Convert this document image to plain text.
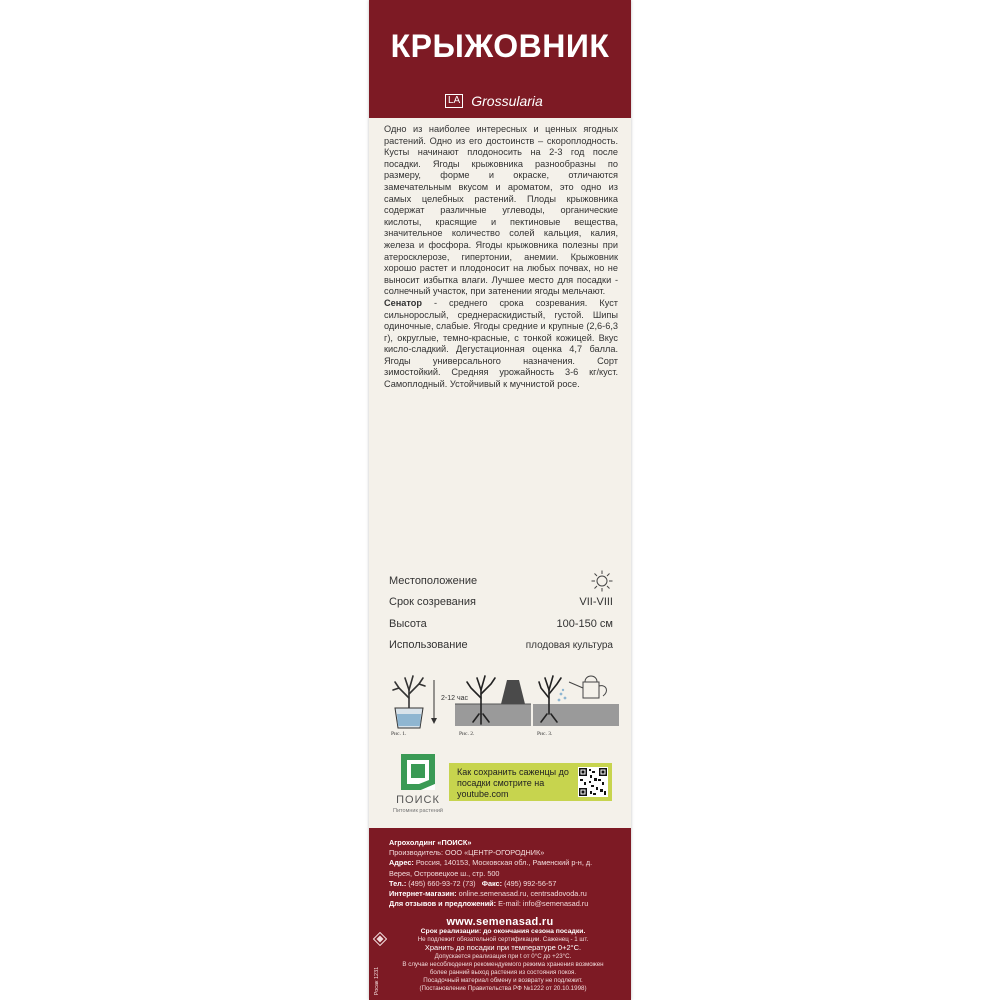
КРЫЖОВНИК
LA Grossularia

Одно из наиболее интересных и ценных ягодных растений. Одно из его достоинств – скороплодность. Кусты начинают плодоносить на 2-3 год после посадки. Ягоды крыжовника разнообразны по размеру, форме и окраске, отличаются замечательным вкусом и ароматом, это одно из самых целебных растений. Плоды крыжовника содержат различные углеводы, органические кислоты, красящие и пектиновые вещества, значительное количество солей кальция, калия, железа и фосфора. Ягоды крыжовника полезны при атеросклерозе, гипертонии, анемии. Крыжовник хорошо растет и плодоносит на любых почвах, но не выносит избытка влаги. Лучшее место для посадки - солнечный участок, при затенении ягоды мельчают.

Сенатор - среднего срока созревания. Куст сильнорослый, среднераскидистый, густой. Шипы одиночные, слабые. Ягоды средние и крупные (2,6-6,3 г), округлые, темно-красные, с тонкой кожицей. Вкус кисло-сладкий. Дегустационная оценка 4,7 балла. Ягоды универсального назначения. Сорт зимостойкий. Средняя урожайность 3-6 кг/куст. Самоплодный. Устойчивый к мучнистой росе.

Местоположение
Срок созревания	VII-VIII
Высота	100-150 см
Использование	плодовая культура
2-12 час
Рис. 1.	Рис. 2.	Рис. 3.
ПОИСК
Питомник растений
Как сохранить саженцы до посадки смотрите на youtube.com
Агрохолдинг «ПОИСК»
Производитель: ООО «ЦЕНТР-ОГОРОДНИК»
Адрес: Россия, 140153, Московская обл., Раменский р-н, д. Верея, Островецкое ш., стр. 500
Тел.: (495) 660-93-72 (73) Факс: (495) 992-56-57
Интернет-магазин: online.semenasad.ru, centrsadovoda.ru
Для отзывов и предложений: E-mail: info@semenasad.ru
www.semenasad.ru
Срок реализации: до окончания сезона посадки.
Не подлежит обязательной сертификации. Саженец - 1 шт.
Хранить до посадки при температуре 0+2°С.
Допускается реализация при t от 0°С до +23°С.
В случае несоблюдения рекомендуемого режима хранения возможен более ранний выход растения из состояния покоя.
Посадочный материал обмену и возврату не подлежит.
(Постановление Правительства РФ №1222 от 20.10.1998)
Росак 1231
